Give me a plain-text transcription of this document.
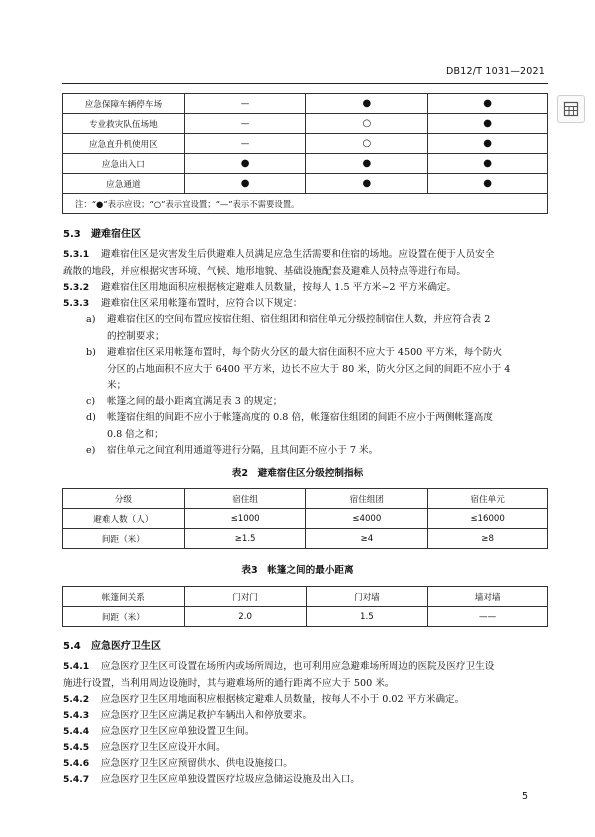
DB12/T 1031—2021
应急保障车辆停车场	—	●	●
专业救灾队伍场地	—	○	●
应急直升机使用区	—	○	●
应急出入口	●	●	●
应急通道	●	●	●
注：“●”表示应设；“○”表示宜设置；“—”表示不需要设置。			
5.3 避难宿住区
5.3.1 避难宿住区是灾害发生后供避难人员满足应急生活需要和住宿的场地。应设置在便于人员安全
疏散的地段，并应根据灾害环境、气候、地形地貌、基础设施配套及避难人员特点等进行布局。
5.3.2 避难宿住区用地面积应根据核定避难人员数量，按每人 1.5 平方米~2 平方米确定。
5.3.3 避难宿住区采用帐篷布置时，应符合以下规定：
a)	避难宿住区的空间布置应按宿住组、宿住组团和宿住单元分级控制宿住人数，并应符合表 2
的控制要求；
b)	避难宿住区采用帐篷布置时，每个防火分区的最大宿住面积不应大于 4500 平方米，每个防火
分区的占地面积不应大于 6400 平方米，边长不应大于 80 米，防火分区之间的间距不应小于 4
米；
c)	帐篷之间的最小距离宜满足表 3 的规定；
d)	帐篷宿住组的间距不应小于帐篷高度的 0.8 倍，帐篷宿住组团的间距不应小于两侧帐篷高度
0.8 倍之和；
e)	宿住单元之间宜利用通道等进行分隔，且其间距不应小于 7 米。
表2　避难宿住区分级控制指标
分级	宿住组	宿住组团	宿住单元
避难人数（人）	≤1000	≤4000	≤16000
间距（米）	≥1.5	≥4	≥8
表3　帐篷之间的最小距离
帐篷间关系	门对门	门对墙	墙对墙
间距（米）	2.0	1.5	——
5.4 应急医疗卫生区
5.4.1 应急医疗卫生区可设置在场所内或场所周边，也可利用应急避难场所周边的医院及医疗卫生设
施进行设置，当利用周边设施时，其与避难场所的通行距离不应大于 500 米。
5.4.2 应急医疗卫生区用地面积应根据核定避难人员数量，按每人不小于 0.02 平方米确定。
5.4.3 应急医疗卫生区应满足救护车辆出入和停放要求。
5.4.4 应急医疗卫生区应单独设置卫生间。
5.4.5 应急医疗卫生区应设开水间。
5.4.6 应急医疗卫生区应预留供水、供电设施接口。
5.4.7 应急医疗卫生区应单独设置医疗垃圾应急储运设施及出入口。
5
